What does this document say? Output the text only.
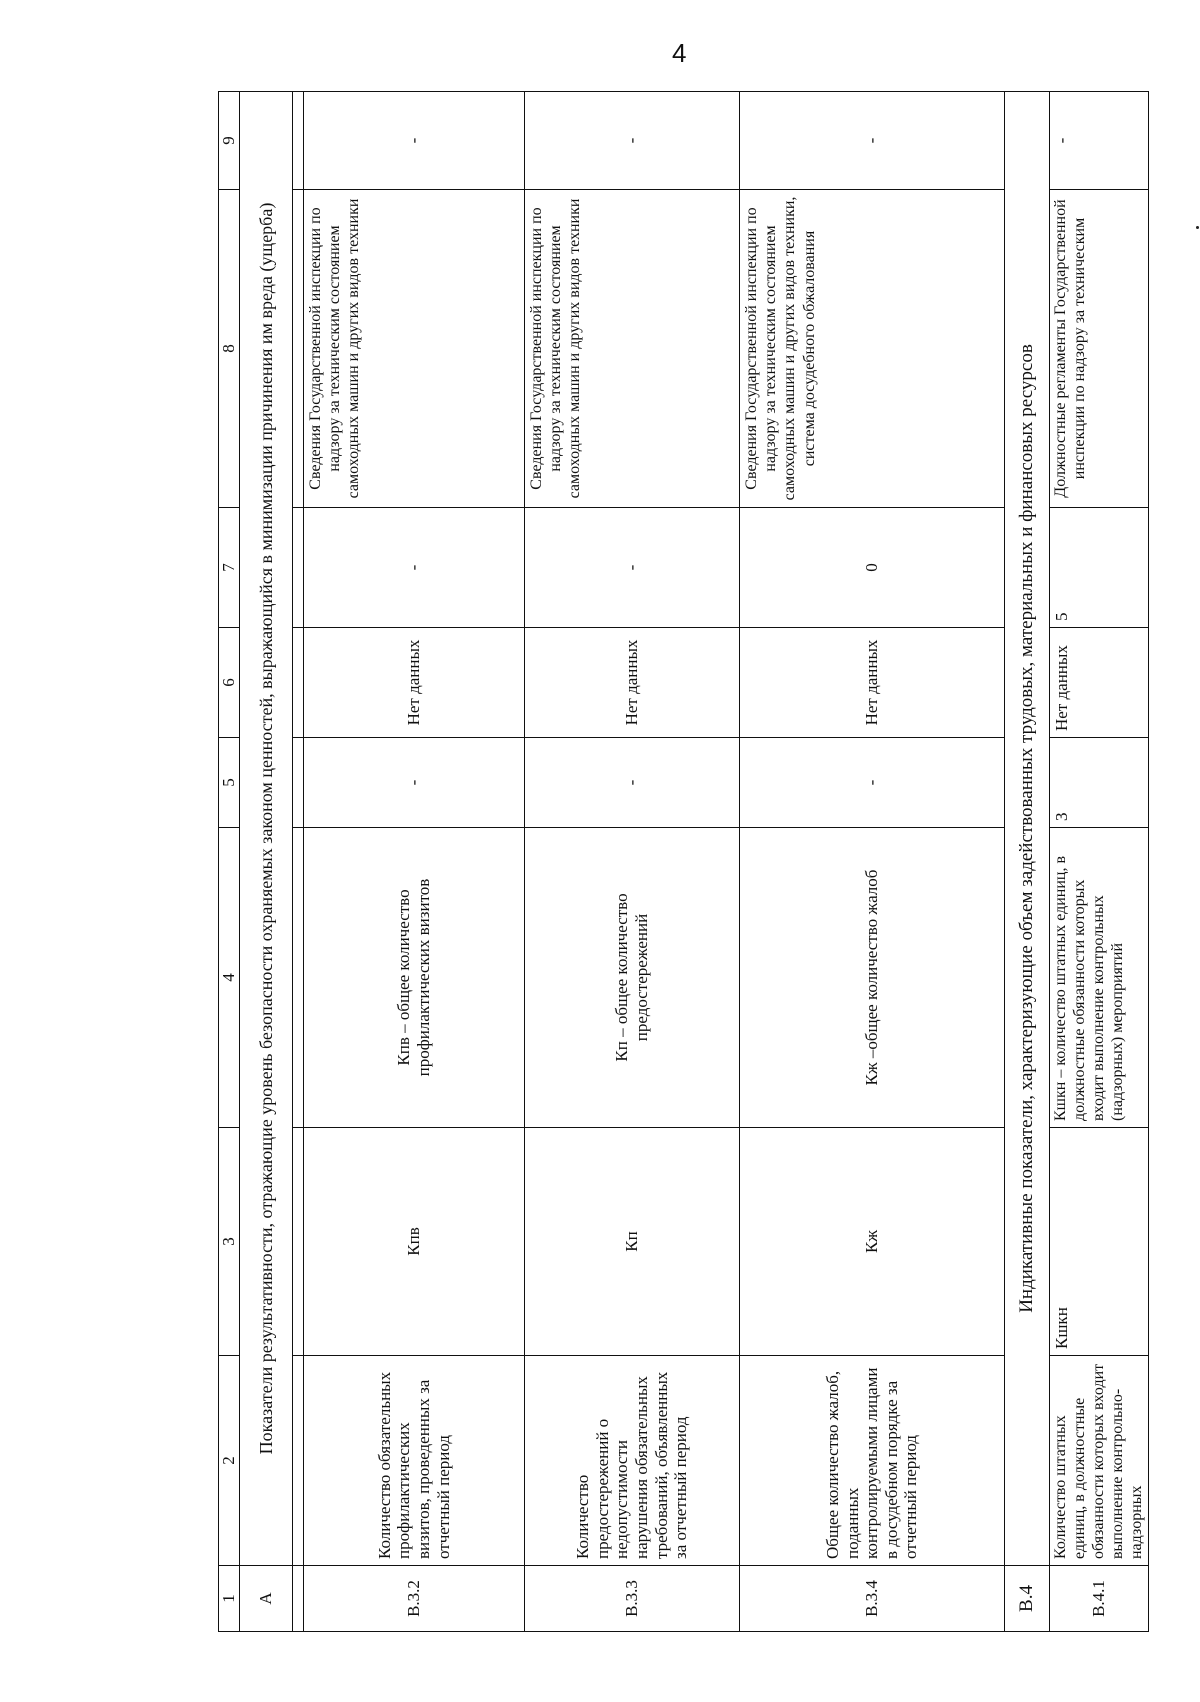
4
1	2	3	4	5	6	7	8	9
А	Показатели результативности, отражающие уровень безопасности охраняемых законом ценностей, выражающийся в минимизации причинения им вреда (ущерба)							

В.3.2	Количество обязательных профилактических визитов, проведенных за отчетный период	Кпв	Кпв – общее количество профилактических визитов	-	Нет данных	-	Сведения Государственной инспекции по надзору за техническим состоянием самоходных машин и других видов техники	-
В.3.3	Количество предостережений о недопустимости нарушения обязательных требований, объявленных за отчетный период	Кп	Кп – общее количество предостережений	-	Нет данных	-	Сведения Государственной инспекции по надзору за техническим состоянием самоходных машин и других видов техники	-
В.3.4	Общее количество жалоб, поданных контролируемыми лицами в досудебном порядке за отчетный период	Кж	Кж –общее количество жалоб	-	Нет данных	0	Сведения Государственной инспекции по надзору за техническим состоянием самоходных машин и других видов техники, система досудебного обжалования	-
В.4	Индикативные показатели, характеризующие объем задействованных трудовых, материальных и финансовых ресурсов							
В.4.1	Количество штатных единиц, в должностные обязанности которых входит выполнение контрольно-надзорных	Кшкн	Кшкн – количество штатных единиц, в должностные обязанности которых входит выполнение контрольных (надзорных) мероприятий	3	Нет данных	5	Должностные регламенты Государственной инспекции по надзору за техническим	-
